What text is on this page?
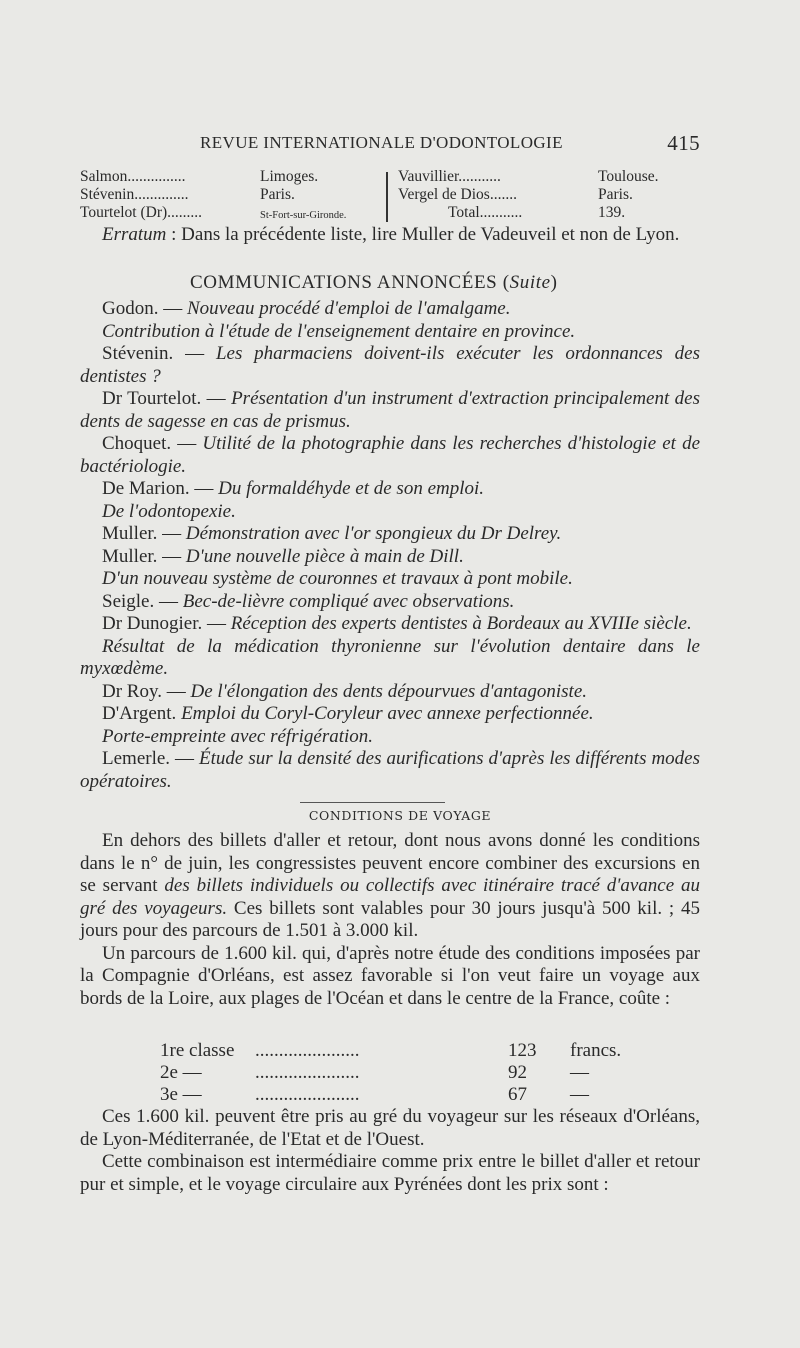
REVUE INTERNATIONALE D'ODONTOLOGIE	415
Salmon...............	Limoges.
Stévenin..............	Paris.
Tourtelot (Dr).........	St-Fort-sur-Gironde.
Vauvillier...........	Toulouse.
Vergel de Dios.......	Paris.
Total...........	139.
Erratum : Dans la précédente liste, lire Muller de Vadeuveil et non de Lyon.
COMMUNICATIONS ANNONCÉES (Suite)
Godon. — Nouveau procédé d'emploi de l'amalgame.
Contribution à l'étude de l'enseignement dentaire en province.
Stévenin. — Les pharmaciens doivent-ils exécuter les ordonnances des dentistes ?
Dr Tourtelot. — Présentation d'un instrument d'extraction principalement des dents de sagesse en cas de prismus.
Choquet. — Utilité de la photographie dans les recherches d'histologie et de bactériologie.
De Marion. — Du formaldéhyde et de son emploi.
De l'odontopexie.
Muller. — Démonstration avec l'or spongieux du Dr Delrey.
Muller. — D'une nouvelle pièce à main de Dill.
D'un nouveau système de couronnes et travaux à pont mobile.
Seigle. — Bec-de-lièvre compliqué avec observations.
Dr Dunogier. — Réception des experts dentistes à Bordeaux au XVIIIe siècle.
Résultat de la médication thyronienne sur l'évolution dentaire dans le myxœdème.
Dr Roy. — De l'élongation des dents dépourvues d'antagoniste.
D'Argent. Emploi du Coryl-Coryleur avec annexe perfectionnée.
Porte-empreinte avec réfrigération.
Lemerle. — Étude sur la densité des aurifications d'après les différents modes opératoires.
CONDITIONS DE VOYAGE

En dehors des billets d'aller et retour, dont nous avons donné les conditions dans le n° de juin, les congressistes peuvent encore combiner des excursions en se servant des billets individuels ou collectifs avec itinéraire tracé d'avance au gré des voyageurs. Ces billets sont valables pour 30 jours jusqu'à 500 kil. ; 45 jours pour des parcours de 1.501 à 3.000 kil.

Un parcours de 1.600 kil. qui, d'après notre étude des conditions imposées par la Compagnie d'Orléans, est assez favorable si l'on veut faire un voyage aux bords de la Loire, aux plages de l'Océan et dans le centre de la France, coûte :

1re classe ......................	123 francs.
2e —	......................	92 —
3e —	......................	67 —

Ces 1.600 kil. peuvent être pris au gré du voyageur sur les réseaux d'Orléans, de Lyon-Méditerranée, de l'Etat et de l'Ouest.

Cette combinaison est intermédiaire comme prix entre le billet d'aller et retour pur et simple, et le voyage circulaire aux Pyrénées dont les prix sont :
